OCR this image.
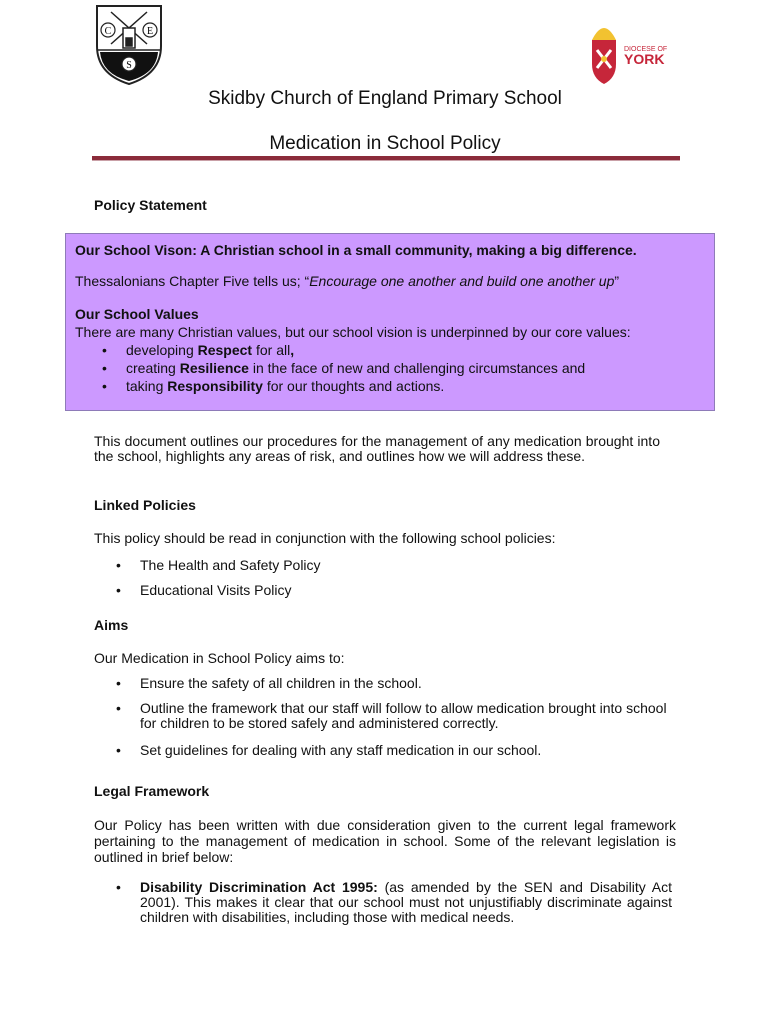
C	E
S
DIOCESE OF
YORK
Skidby Church of England Primary School
Medication in School Policy
Policy Statement
Our School Vison: A Christian school in a small community, making a big difference.
Thessalonians Chapter Five tells us; “Encourage one another and build one another up”
Our School Values
There are many Christian values, but our school vision is underpinned by our core values:
• developing Respect for all,
• creating Resilience in the face of new and challenging circumstances and
• taking Responsibility for our thoughts and actions.
This document outlines our procedures for the management of any medication brought into the school, highlights any areas of risk, and outlines how we will address these.
Linked Policies
This policy should be read in conjunction with the following school policies:
• The Health and Safety Policy
• Educational Visits Policy
Aims
Our Medication in School Policy aims to:
• Ensure the safety of all children in the school.
• Outline the framework that our staff will follow to allow medication brought into school for children to be stored safely and administered correctly.
• Set guidelines for dealing with any staff medication in our school.
Legal Framework
Our Policy has been written with due consideration given to the current legal framework pertaining to the management of medication in school. Some of the relevant legislation is outlined in brief below:
• Disability Discrimination Act 1995: (as amended by the SEN and Disability Act 2001). This makes it clear that our school must not unjustifiably discriminate against children with disabilities, including those with medical needs.
